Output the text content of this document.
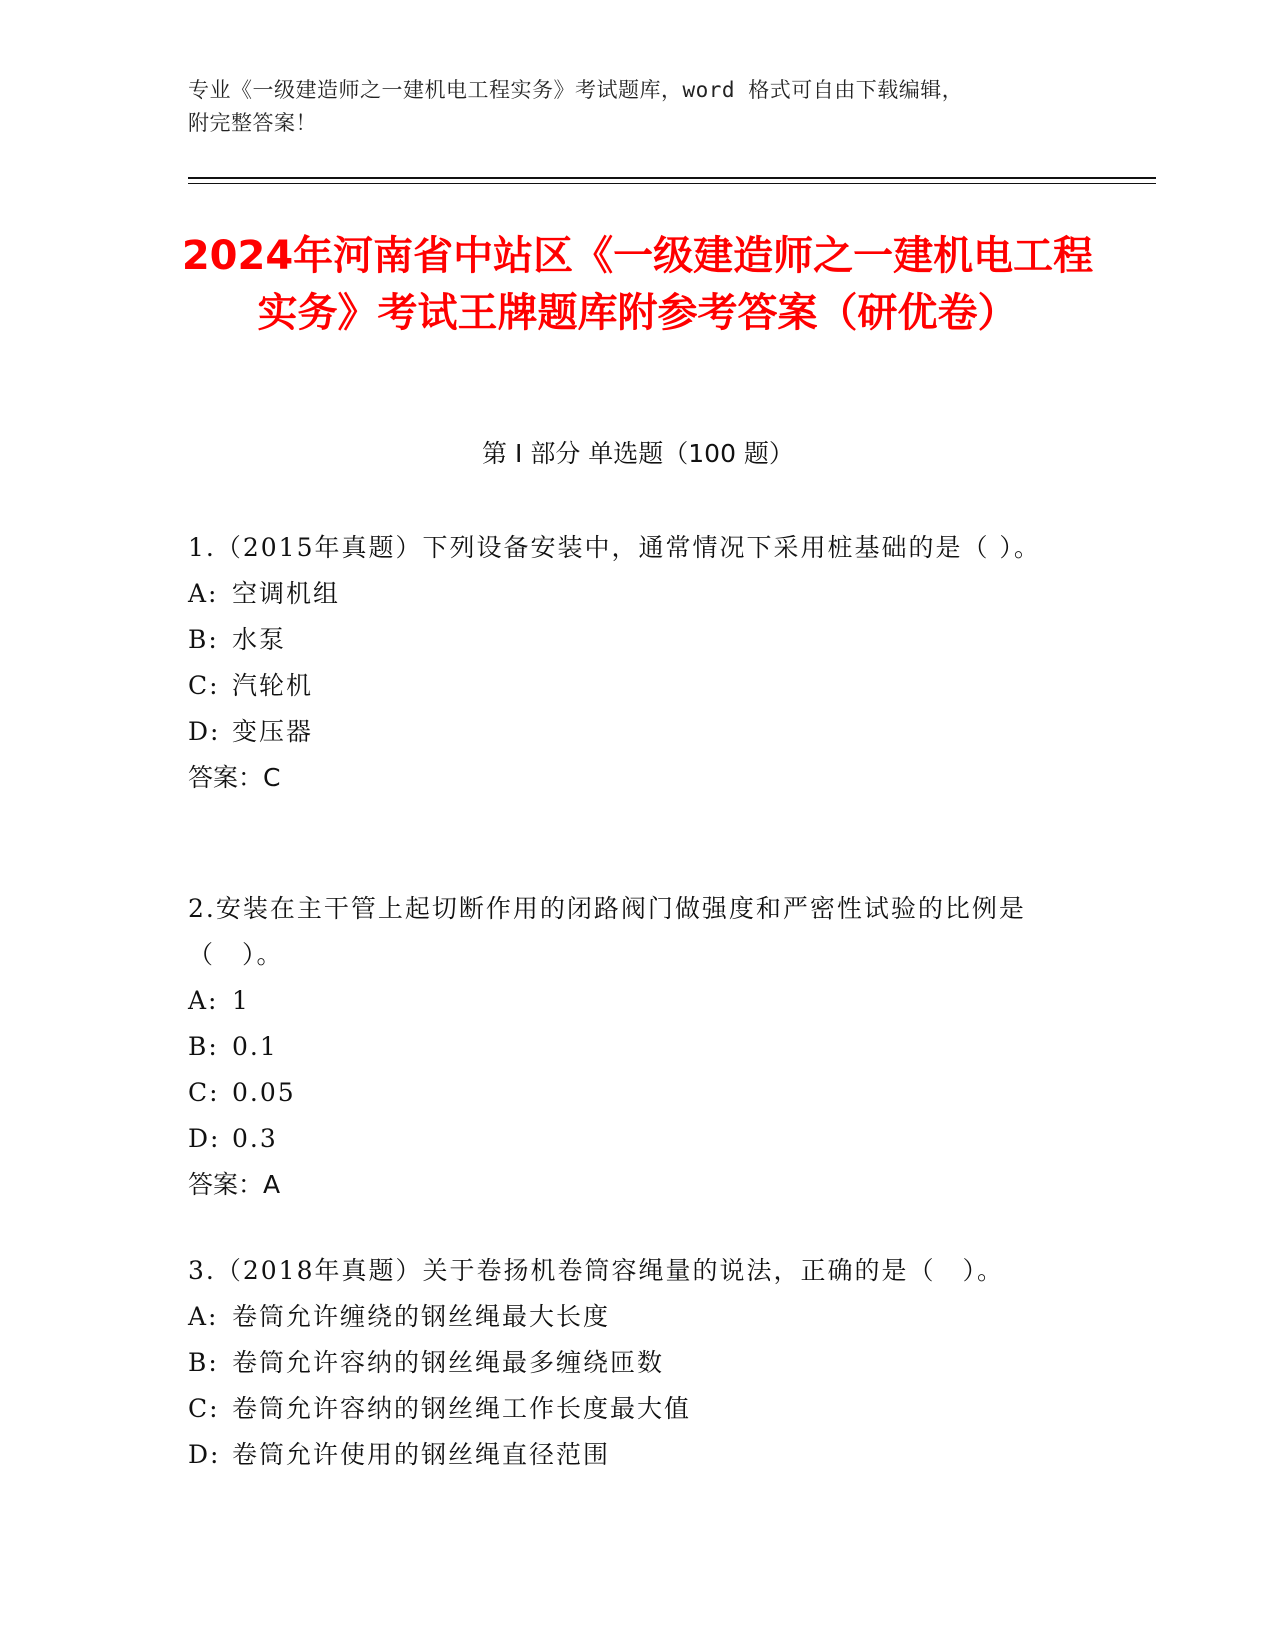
专业《一级建造师之一建机电工程实务》考试题库，word 格式可自由下载编辑，
附完整答案！
2024年河南省中站区《一级建造师之一建机电工程实务》考试王牌题库附参考答案（研优卷）
第 I 部分 单选题（100 题）
1.（2015年真题）下列设备安装中，通常情况下采用桩基础的是（ ）。
A: 空调机组
B: 水泵
C: 汽轮机
D: 变压器
答案：C
2.安装在主干管上起切断作用的闭路阀门做强度和严密性试验的比例是（　）。
A: 1
B: 0.1
C: 0.05
D: 0.3
答案：A
3.（2018年真题）关于卷扬机卷筒容绳量的说法，正确的是（　）。
A: 卷筒允许缠绕的钢丝绳最大长度
B: 卷筒允许容纳的钢丝绳最多缠绕匝数
C: 卷筒允许容纳的钢丝绳工作长度最大值
D: 卷筒允许使用的钢丝绳直径范围
